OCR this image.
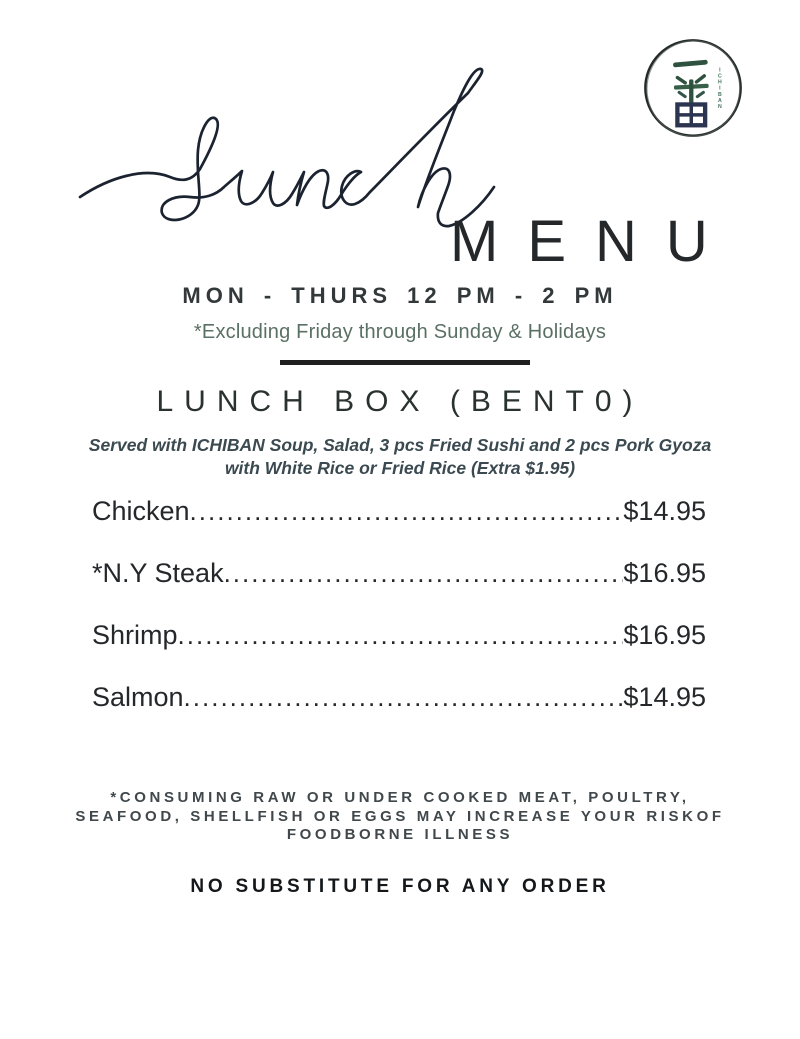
I
C
H
I
B
A
N
MENU
MON - THURS 12 PM - 2 PM
*Excluding Friday through Sunday & Holidays
LUNCH BOX (BENT0)
Served with ICHIBAN Soup, Salad, 3 pcs Fried Sushi and 2 pcs Pork Gyoza
with White Rice or Fried Rice (Extra $1.95)
Chicken .....	$14.95
*N.Y Steak .....	$16.95
Shrimp .....	$16.95
Salmon .....	$14.95
*CONSUMING RAW OR UNDER COOKED MEAT, POULTRY,
SEAFOOD, SHELLFISH OR EGGS MAY INCREASE YOUR RISKOF
FOODBORNE ILLNESS
NO SUBSTITUTE FOR ANY ORDER
